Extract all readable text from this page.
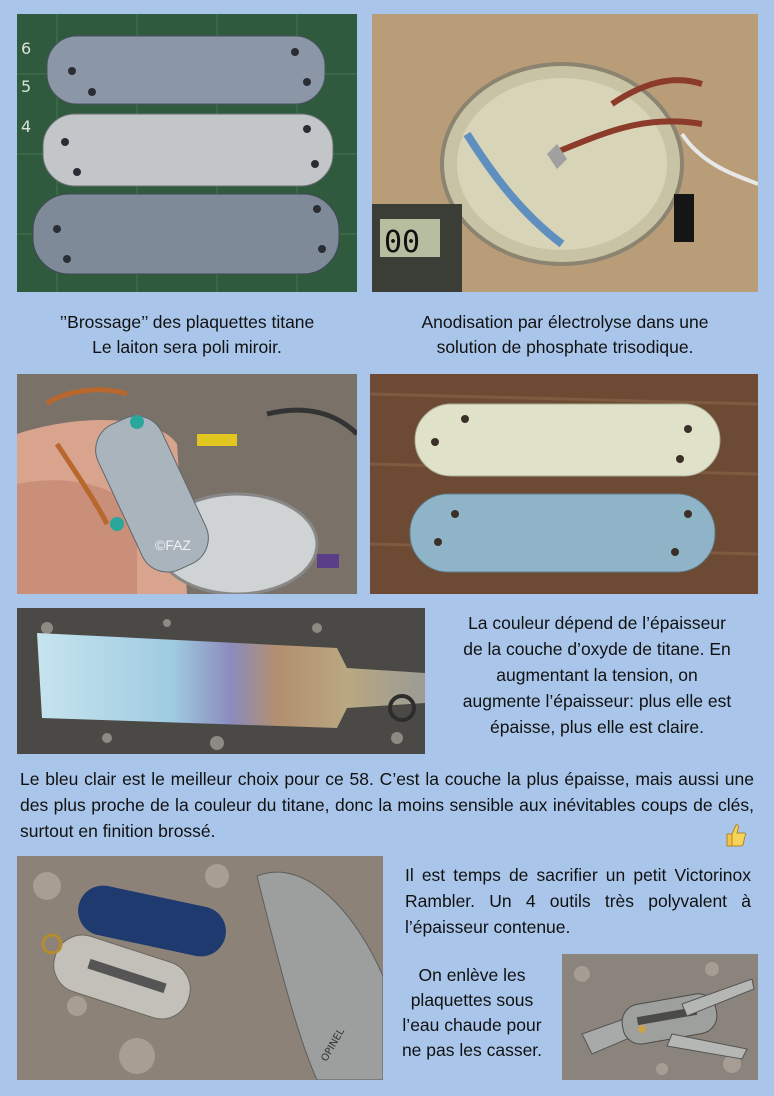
6
5
4
00
’’Brossage’’ des plaquettes titane
Le laiton sera poli miroir.
Anodisation par électrolyse dans une
solution de phosphate trisodique.
©FAZ
La couleur dépend de l’épaisseur
de la couche d’oxyde de titane. En
augmentant la tension, on
augmente l’épaisseur: plus elle est
épaisse, plus elle est claire.
Le bleu clair est le meilleur choix pour ce 58. C’est la couche la plus épaisse, mais aussi une des plus proche de la couleur du titane, donc la moins sensible aux inévitables coups de clés, surtout en finition brossé.
OPINEL
Il est temps de sacrifier un petit Victorinox Rambler. Un 4 outils très polyvalent à l’épaisseur contenue.
On enlève les
plaquettes sous
l’eau chaude pour
ne pas les casser.
